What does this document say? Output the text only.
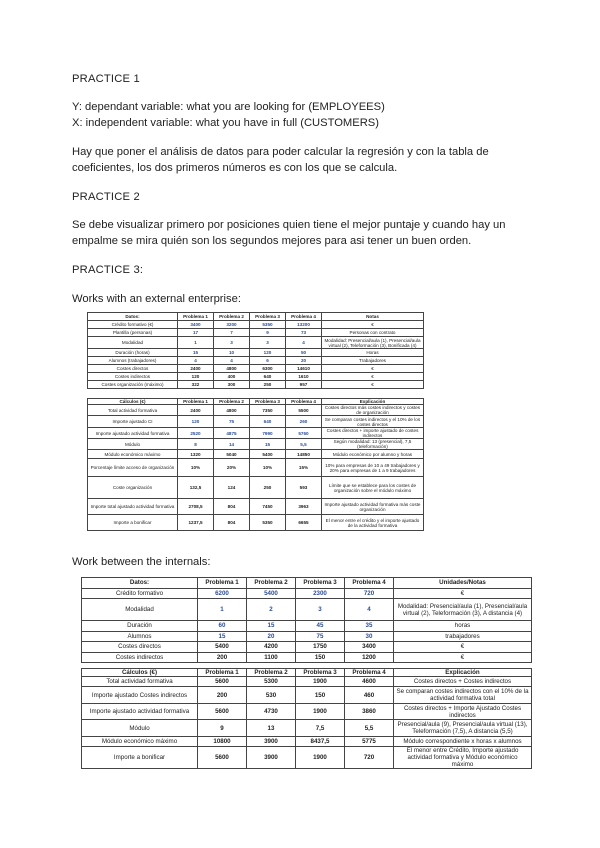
PRACTICE 1
Y: dependant variable: what you are looking for (EMPLOYEES)
X: independent variable: what you have in full (CUSTOMERS)
Hay que poner el análisis de datos para poder calcular la regresión y con la tabla de
coeficientes, los dos primeros números es con los que se calcula.
PRACTICE 2
Se debe visualizar primero por posiciones quien tiene el mejor puntaje y cuando hay un
empalme se mira quién son los segundos mejores para asi tener un buen orden.
PRACTICE 3:
Works with an external enterprise:
Datos:	Problema 1	Problema 2	Problema 3	Problema 4	Notas
Crédito formativo (€)	3400	3200	5350	13200	€
Plantilla (personas)	17	7	9	73	Personas con contrato
Modalidad	1	3	3	4	Modalidad: Presencial/aula (1), Presencial/aula virtual (2), Teleformación (3), Bonificada (4)
Duración (horas)	15	10	120	50	Horas
Alumnos (trabajadores)	4	4	6	20	Trabajadores
Costes directos	2400	4800	6300	14610	€
Costes indirectos	120	400	640	1610	€
Costes organización (máximo)	322	300	250	957	€
Cálculos (€)	Problema 1	Problema 2	Problema 3	Problema 4	Explicación
Total actividad formativa	2400	4800	7350	5500	Costes directos más costes indirectos y costes de organización
Importe ajustado CI	120	75	640	260	Se comparan costes indirectos y el 10% de los costes directos
Importe ajustado actividad formativa	2520	4875	7990	5760	Costes directos + importe ajustado de costes indirectos
Módulo	8	14	15	5,5	Según modalidad: 13 (presencial), 7,5 (teleformación)
Módulo económico máximo	1320	5040	5400	14850	Módulo económico por alumno y horas
Porcentaje límite acceso de organización	10%	20%	10%	15%	10% para empresas de 10 a 49 trabajadores y 20% para empresas de 1 a 9 trabajadores
Coste organización	132,5	124	250	593	Límite que se establece para los costes de organización sobre el módulo máximo
Importe total ajustado actividad formativa	2708,5	804	7450	3963	Importe ajustado actividad formativa más coste organización
Importe a bonificar	1237,5	804	5350	6655	El menor entre el crédito y el importe ajustado de la actividad formativa
Work between the internals:
Datos:	Problema 1	Problema 2	Problema 3	Problema 4	Unidades/Notas
Crédito formativo	6200	5400	2300	720	€
Modalidad	1	2	3	4	Modalidad: Presencial/aula (1), Presencial/aula virtual (2), Teleformación (3), A distancia (4)
Duración	60	15	45	35	horas
Alumnos	15	20	75	30	trabajadores
Costes directos	5400	4200	1750	3400	€
Costes indirectos	200	1100	150	1200	€
Cálculos (€)	Problema 1	Problema 2	Problema 3	Problema 4	Explicación
Total actividad formativa	5600	5300	1900	4600	Costes directos + Costes indirectos
Importe ajustado Costes indirectos	200	530	150	460	Se comparan costes indirectos con el 10% de la actividad formativa total
Importe ajustado actividad formativa	5600	4730	1900	3860	Costes directos + Importe Ajustado Costes indirectos
Módulo	9	13	7,5	5,5	Presencial/aula (9), Presencial/aula virtual (13), Teleformación (7,5), A distancia (5,5)
Módulo económico máximo	10800	3900	8437,5	5775	Módulo correspondiente x horas x alumnos
Importe a bonificar	5600	3900	1900	720	El menor entre Crédito, Importe ajustado actividad formativa y Módulo económico máximo
